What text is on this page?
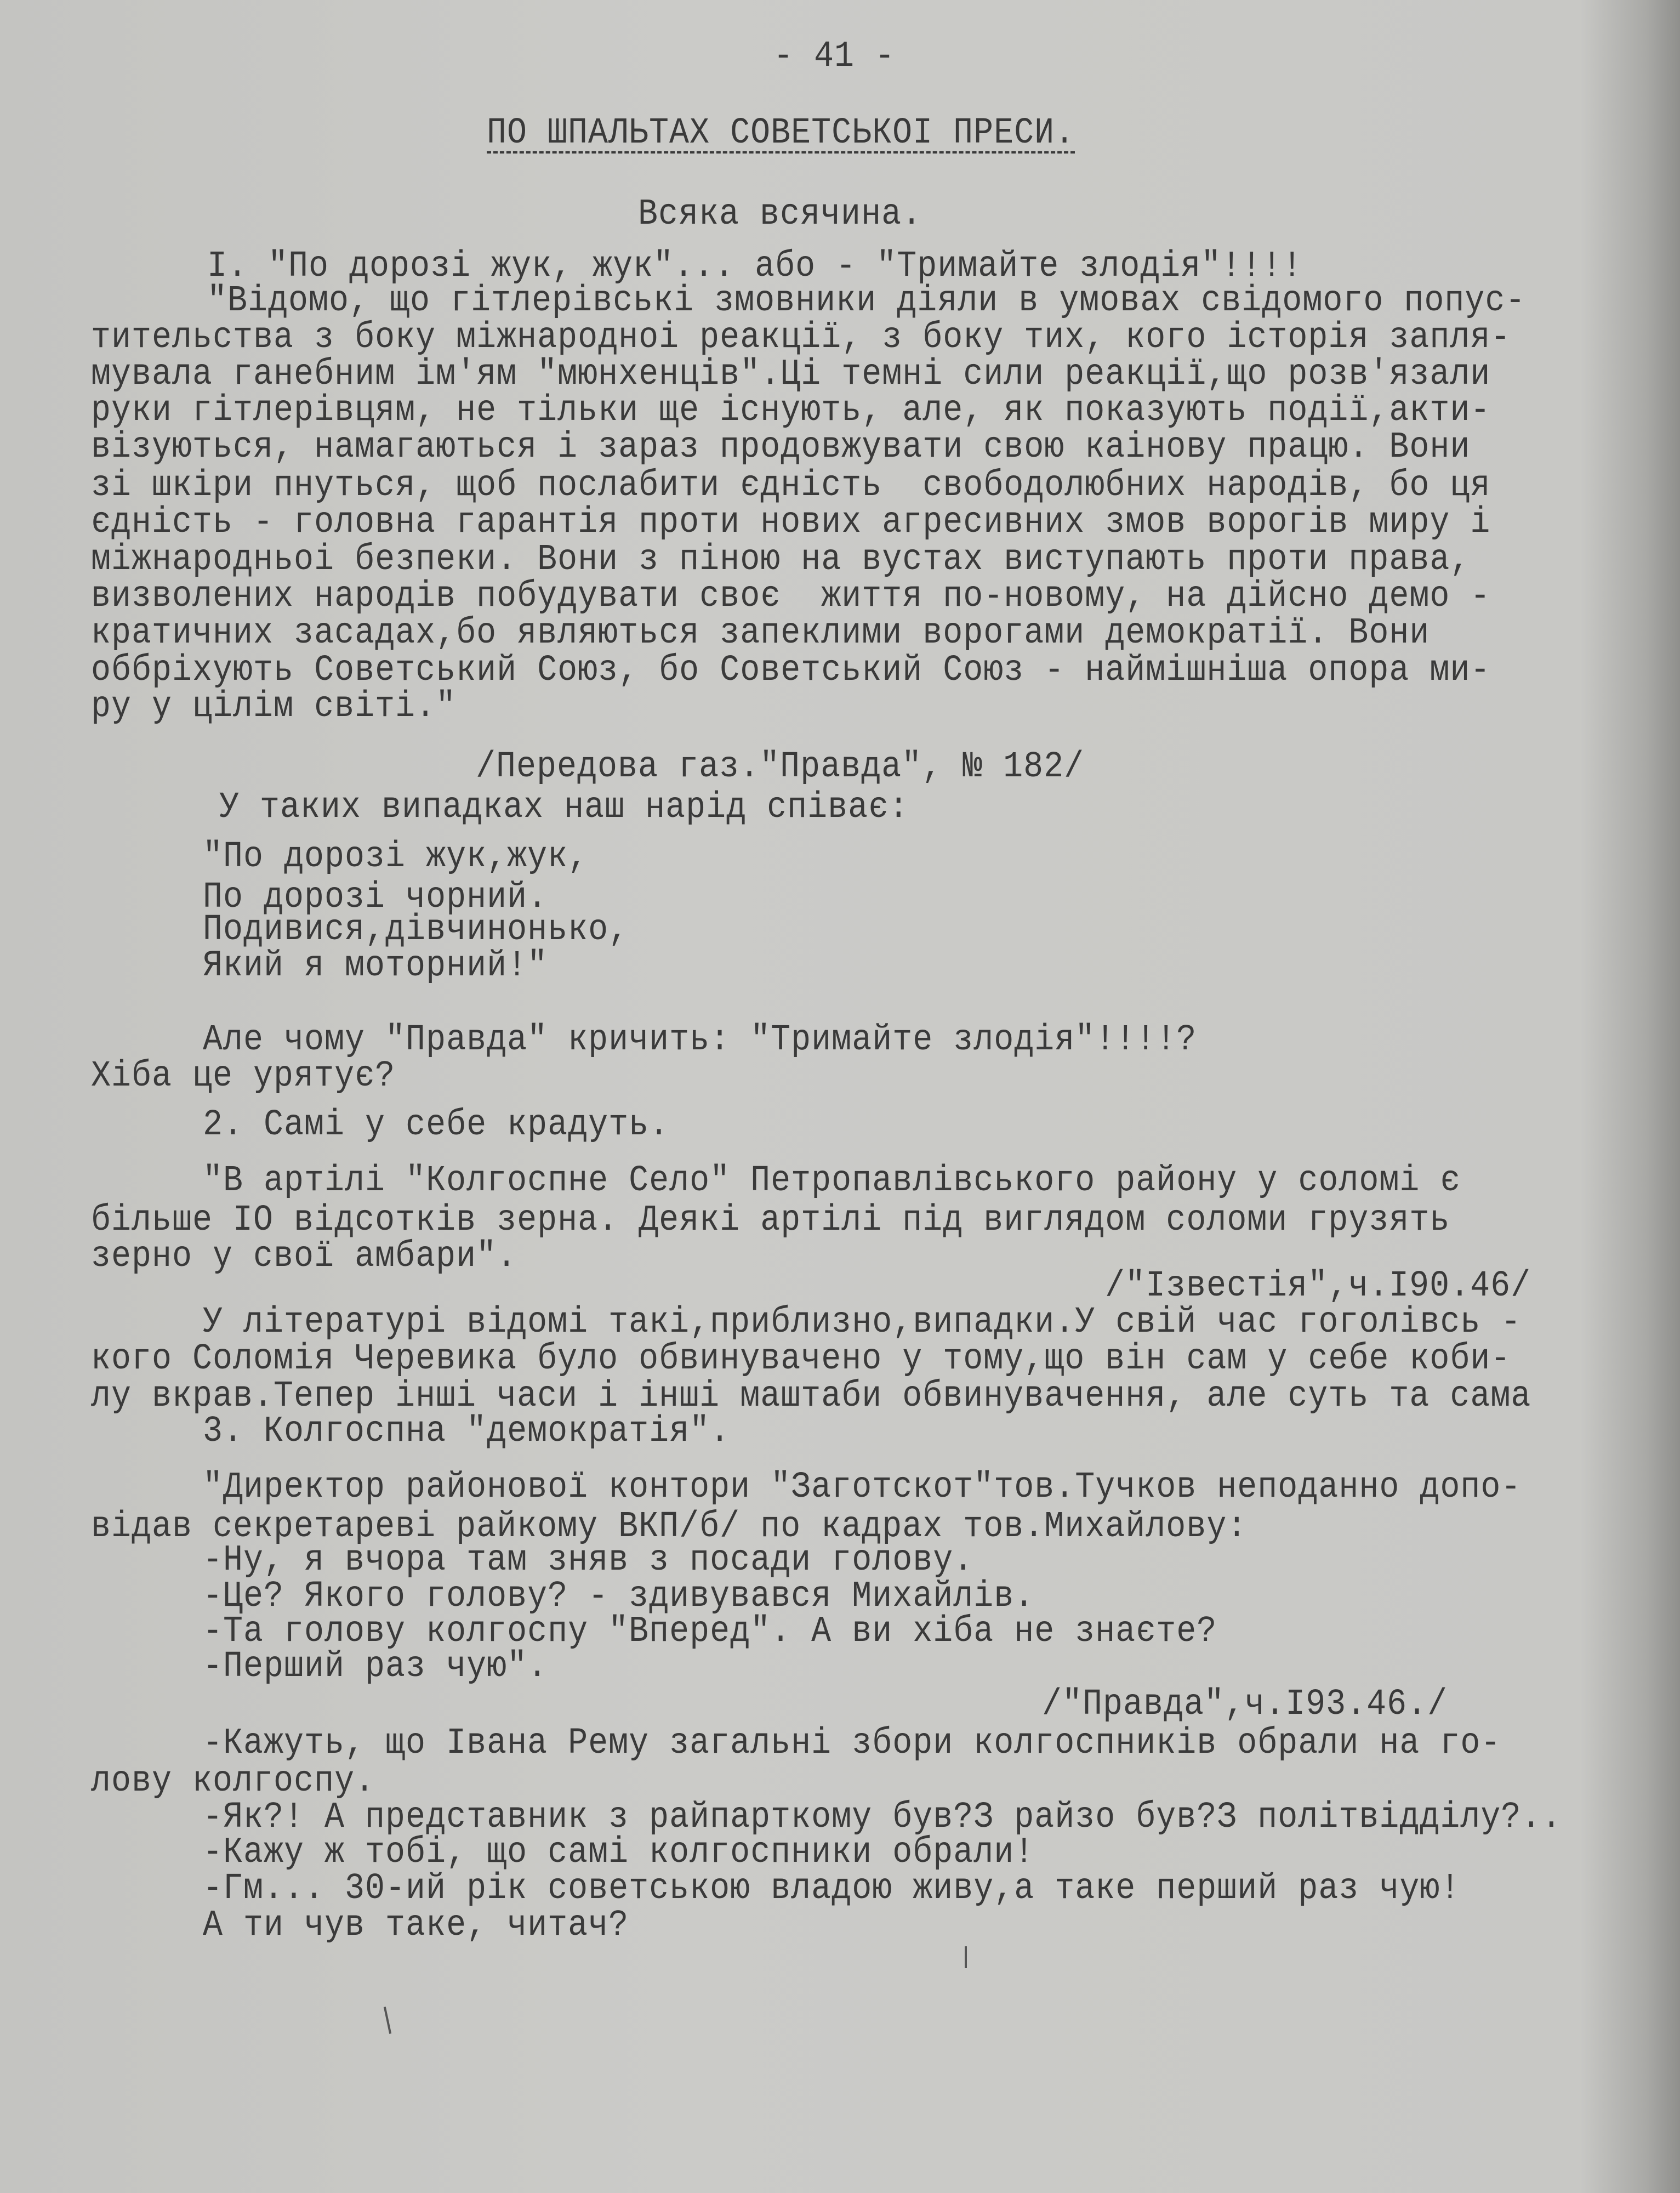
- 41 -
ПО ШПАЛЬТАХ СОВЕТСЬКОІ ПРЕСИ.
Всяка всячина.
I. "По дорозі жук, жук"... або - "Тримайте злодія"!!!!
"Відомо, що гітлерівські змовники діяли в умовах свідомого попус-
тительства з боку міжнародноі реакції, з боку тих, кого історія запля-
мувала ганебним ім'ям "мюнхенців".Ці темні сили реакції,що розв'язали
руки гітлерівцям, не тільки ще існують, але, як показують події,акти-
візуються, намагаються і зараз продовжувати свою каінову працю. Вони
зі шкіри пнуться, щоб послабити єдність  свободолюбних народів, бо ця
єдність - головна гарантія проти нових агресивних змов ворогів миру і
міжнародньоі безпеки. Вони з піною на вустах виступають проти права,
визволених народів побудувати своє  життя по-новому, на дійсно демо -
кратичних засадах,бо являються запеклими ворогами демократії. Вони
оббріхують Советський Союз, бо Советський Союз - наймішніша опора ми-
ру у цілім світі."
/Передова газ."Правда", № 182/
У таких випадках наш нарід співає:
"По дорозі жук,жук,
По дорозі чорний.
Подивися,дівчинонько,
Який я моторний!"
Але чому "Правда" кричить: "Тримайте злодія"!!!!?
Хіба це урятує?
2. Самі у себе крадуть.
"В артілі "Колгоспне Село" Петропавлівського району у соломі є
більше IO відсотків зерна. Деякі артілі під виглядом соломи грузять
зерно у свої амбари".
/"Ізвестія",ч.I90.46/
У літературі відомі такі,приблизно,випадки.У свій час гоголівсь -
кого Соломія Черевика було обвинувачено у тому,що він сам у себе коби-
лу вкрав.Тепер інші часи і інші маштаби обвинувачення, але суть та сама
3. Колгоспна "демократія".
"Директор районової контори "Заготскот"тов.Тучков неподанно допо-
відав секретареві райкому ВКП/б/ по кадрах тов.Михайлову:
-Ну, я вчора там зняв з посади голову.
-Це? Якого голову? - здивувався Михайлів.
-Та голову колгоспу "Вперед". А ви хіба не знаєте?
-Перший раз чую".
/"Правда",ч.I93.46./
-Кажуть, що Івана Рему загальні збори колгоспників обрали на го-
лову колгоспу.
-Як?! А представник з райпарткому був?З райзо був?З політвідділу?..
-Кажу ж тобі, що самі колгоспники обрали!
-Гм... 30-ий рік советською владою живу,а таке перший раз чую!
А ти чув таке, читач?
